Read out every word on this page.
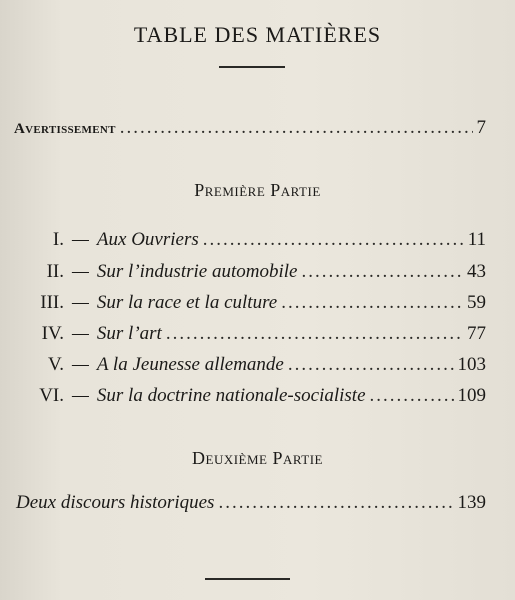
TABLE DES MATIÈRES
Avertissement .....	7
Première Partie
I. — Aux Ouvriers .....	11
II. — Sur l’industrie automobile .....	43
III. — Sur la race et la culture .....	59
IV. — Sur l’art .....	77
V. — A la Jeunesse allemande .....	103
VI. — Sur la doctrine nationale-socialiste .....	109
Deuxième Partie
Deux discours historiques .....	139
